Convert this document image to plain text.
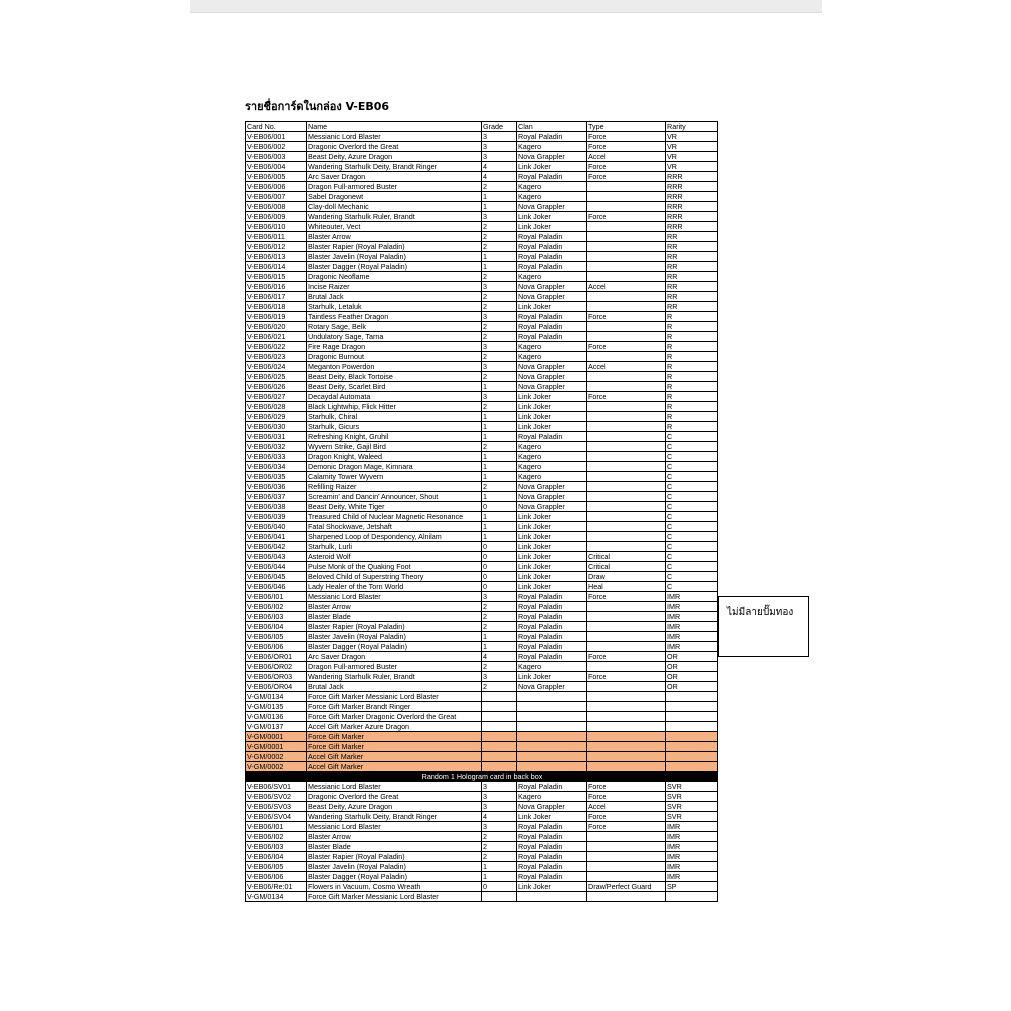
รายชื่อการ์ดในกล่อง V-EB06
Card No.	Name	Grade	Clan	Type	Rarity
V-EB06/001	Messianic Lord Blaster	3	Royal Paladin	Force	VR
V-EB06/002	Dragonic Overlord the Great	3	Kagero	Force	VR
V-EB06/003	Beast Deity, Azure Dragon	3	Nova Grappler	Accel	VR
V-EB06/004	Wandering Starhulk Deity, Brandt Ringer	4	Link Joker	Force	VR
V-EB06/005	Arc Saver Dragon	4	Royal Paladin	Force	RRR
V-EB06/006	Dragon Full-armored Buster	2	Kagero		RRR
V-EB06/007	Sabel Dragonewt	1	Kagero		RRR
V-EB06/008	Clay-doll Mechanic	1	Nova Grappler		RRR
V-EB06/009	Wandering Starhulk Ruler, Brandt	3	Link Joker	Force	RRR
V-EB06/010	Whiteouter, Vect	2	Link Joker		RRR
V-EB06/011	Blaster Arrow	2	Royal Paladin		RR
V-EB06/012	Blaster Rapier (Royal Paladin)	2	Royal Paladin		RR
V-EB06/013	Blaster Javelin (Royal Paladin)	1	Royal Paladin		RR
V-EB06/014	Blaster Dagger (Royal Paladin)	1	Royal Paladin		RR
V-EB06/015	Dragonic Neoflame	2	Kagero		RR
V-EB06/016	Incise Raizer	3	Nova Grappler	Accel	RR
V-EB06/017	Brutal Jack	2	Nova Grappler		RR
V-EB06/018	Starhulk, Letaluk	2	Link Joker		RR
V-EB06/019	Taintless Feather Dragon	3	Royal Paladin	Force	R
V-EB06/020	Rotary Sage, Belk	2	Royal Paladin		R
V-EB06/021	Undulatory Sage, Tarna	2	Royal Paladin		R
V-EB06/022	Fire Rage Dragon	3	Kagero	Force	R
V-EB06/023	Dragonic Burnout	2	Kagero		R
V-EB06/024	Meganton Powerdon	3	Nova Grappler	Accel	R
V-EB06/025	Beast Deity, Black Tortoise	2	Nova Grappler		R
V-EB06/026	Beast Deity, Scarlet Bird	1	Nova Grappler		R
V-EB06/027	Decaydal Automata	3	Link Joker	Force	R
V-EB06/028	Black Lightwhip, Flick Hitter	2	Link Joker		R
V-EB06/029	Starhulk, Chiral	1	Link Joker		R
V-EB06/030	Starhulk, Gicurs	1	Link Joker		R
V-EB06/031	Refreshing Knight, Gruhil	1	Royal Paladin		C
V-EB06/032	Wyvern Strike, Gajil Bird	2	Kagero		C
V-EB06/033	Dragon Knight, Waleed	1	Kagero		C
V-EB06/034	Demonic Dragon Mage, Kimnara	1	Kagero		C
V-EB06/035	Calamity Tower Wyvern	1	Kagero		C
V-EB06/036	Refilling Raizer	2	Nova Grappler		C
V-EB06/037	Screamin' and Dancin' Announcer, Shout	1	Nova Grappler		C
V-EB06/038	Beast Deity, White Tiger	0	Nova Grappler		C
V-EB06/039	Treasured Child of Nuclear Magnetic Resonance	1	Link Joker		C
V-EB06/040	Fatal Shockwave, Jetshaft	1	Link Joker		C
V-EB06/041	Sharpened Loop of Despondency, Alnilam	1	Link Joker		C
V-EB06/042	Starhulk, Lurli	0	Link Joker		C
V-EB06/043	Asteroid Wolf	0	Link Joker	Critical	C
V-EB06/044	Pulse Monk of the Quaking Foot	0	Link Joker	Critical	C
V-EB06/045	Beloved Child of Superstring Theory	0	Link Joker	Draw	C
V-EB06/046	Lady Healer of the Torn World	0	Link Joker	Heal	C
V-EB06/I01	Messianic Lord Blaster	3	Royal Paladin	Force	IMR
V-EB06/I02	Blaster Arrow	2	Royal Paladin		IMR
V-EB06/I03	Blaster Blade	2	Royal Paladin		IMR
V-EB06/I04	Blaster Rapier (Royal Paladin)	2	Royal Paladin		IMR
V-EB06/I05	Blaster Javelin (Royal Paladin)	1	Royal Paladin		IMR
V-EB06/I06	Blaster Dagger (Royal Paladin)	1	Royal Paladin		IMR
V-EB06/OR01	Arc Saver Dragon	4	Royal Paladin	Force	OR
V-EB06/OR02	Dragon Full-armored Buster	2	Kagero		OR
V-EB06/OR03	Wandering Starhulk Ruler, Brandt	3	Link Joker	Force	OR
V-EB06/OR04	Brutal Jack	2	Nova Grappler		OR
V-GM/0134	Force Gift Marker Messianic Lord Blaster				
V-GM/0135	Force Gift Marker Brandt Ringer				
V-GM/0136	Force Gift Marker Dragonic Overlord the Great				
V-GM/0137	Accel Gift Marker Azure Dragon				
V-GM/0001	Force Gift Marker				
V-GM/0001	Force Gift Marker				
V-GM/0002	Accel Gift Marker				
V-GM/0002	Accel Gift Marker				
Random 1 Hologram card in back box					
V-EB06/SV01	Messianic Lord Blaster	3	Royal Paladin	Force	SVR
V-EB06/SV02	Dragonic Overlord the Great	3	Kagero	Force	SVR
V-EB06/SV03	Beast Deity, Azure Dragon	3	Nova Grappler	Accel	SVR
V-EB06/SV04	Wandering Starhulk Deity, Brandt Ringer	4	Link Joker	Force	SVR
V-EB06/I01	Messianic Lord Blaster	3	Royal Paladin	Force	IMR
V-EB06/I02	Blaster Arrow	2	Royal Paladin		IMR
V-EB06/I03	Blaster Blade	2	Royal Paladin		IMR
V-EB06/I04	Blaster Rapier (Royal Paladin)	2	Royal Paladin		IMR
V-EB06/I05	Blaster Javelin (Royal Paladin)	1	Royal Paladin		IMR
V-EB06/I06	Blaster Dagger (Royal Paladin)	1	Royal Paladin		IMR
V-EB06/Re:01	Flowers in Vacuum, Cosmo Wreath	0	Link Joker	Draw/Perfect Guard	SP
V-GM/0134	Force Gift Marker Messianic Lord Blaster				
ไม่มีลายปั๊มทอง
